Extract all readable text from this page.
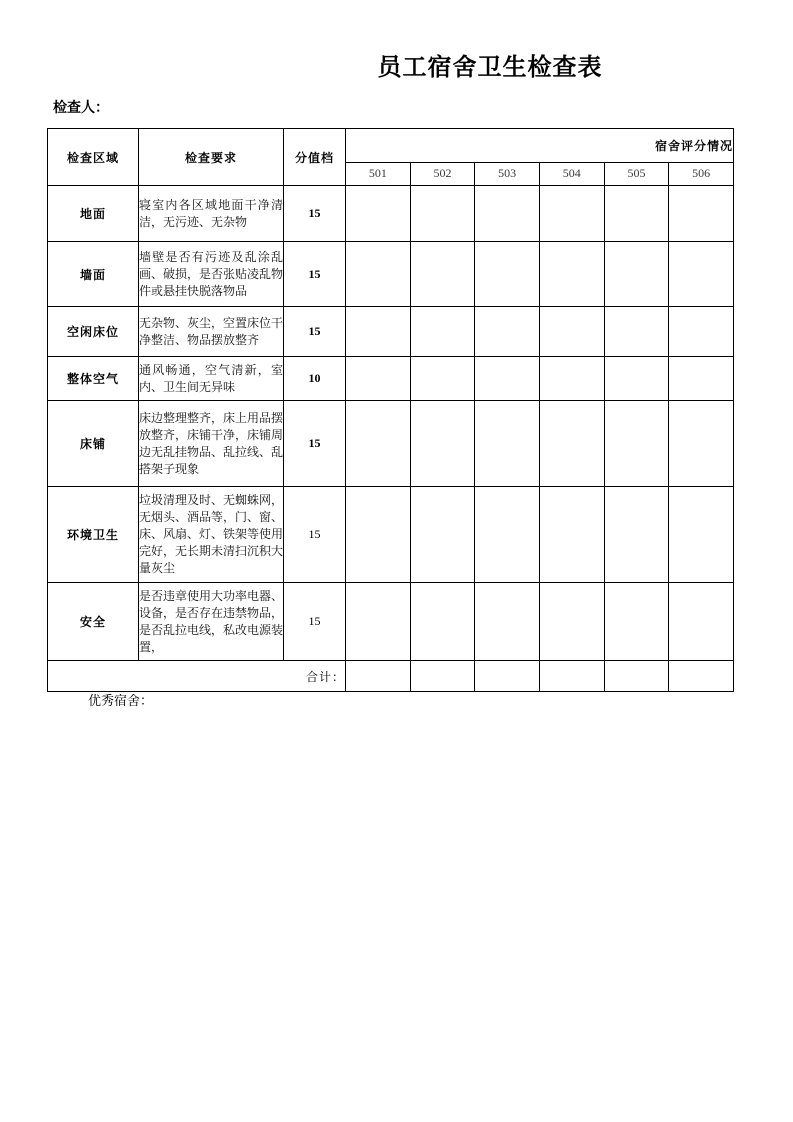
员工宿舍卫生检查表
检查人：
检查区域	检查要求	分值档	宿舍评分情况					
			501	502	503	504	505	506
地面	寝室内各区域地面干净清洁，无污迹、无杂物	15						
墙面	墙壁是否有污迹及乱涂乱画、破损，是否张贴凌乱物件或悬挂快脱落物品	15						
空闲床位	无杂物、灰尘，空置床位干净整洁、物品摆放整齐	15						
整体空气	通风畅通，空气清新，室内、卫生间无异味	10						
床铺	床边整理整齐，床上用品摆放整齐，床铺干净，床铺周边无乱挂物品、乱拉线、乱搭架子现象	15						
环境卫生	垃圾清理及时、无蜘蛛网，无烟头、酒品等，门、窗、床、风扇、灯、铁架等使用完好，无长期未清扫沉积大量灰尘	15						
安全	是否违章使用大功率电器、设备，是否存在违禁物品，是否乱拉电线，私改电源装置，	15						
合计：								
优秀宿舍：
